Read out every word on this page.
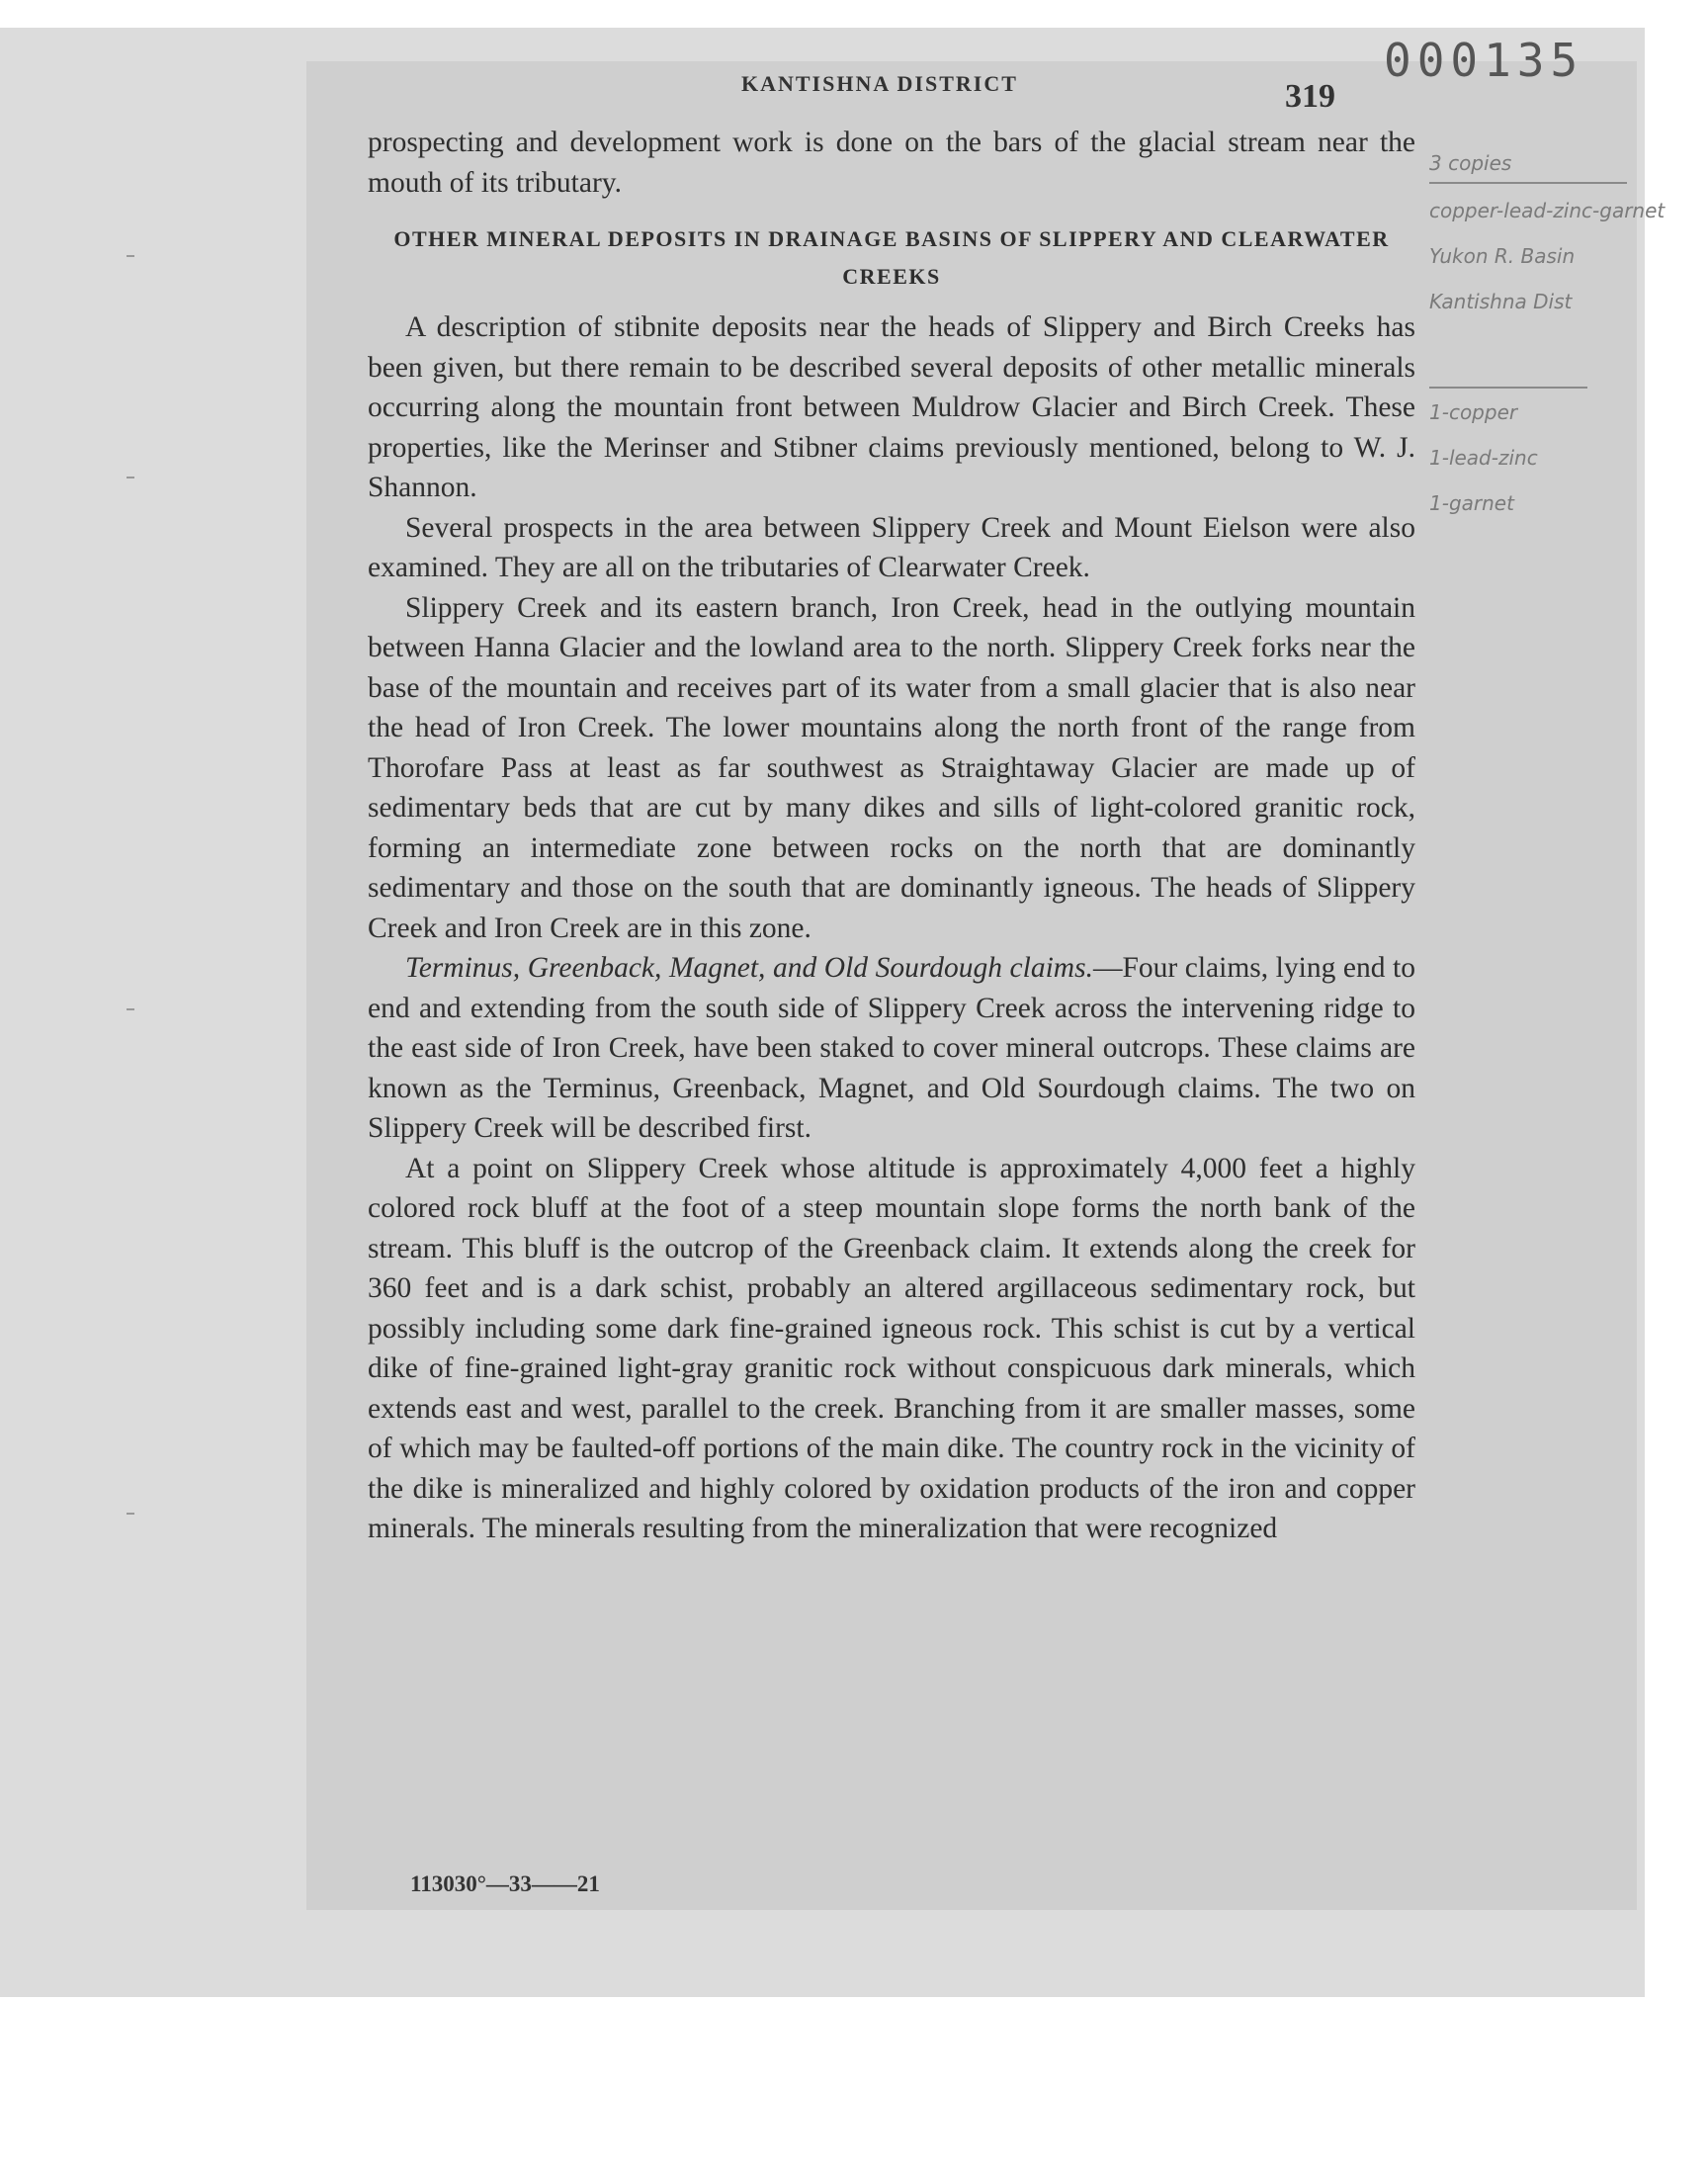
000135
KANTISHNA DISTRICT	319

prospecting and development work is done on the bars of the glacial stream near the mouth of its tributary.

OTHER MINERAL DEPOSITS IN DRAINAGE BASINS OF SLIPPERY AND CLEARWATER CREEKS

A description of stibnite deposits near the heads of Slippery and Birch Creeks has been given, but there remain to be described several deposits of other metallic minerals occurring along the mountain front between Muldrow Glacier and Birch Creek. These properties, like the Merinser and Stibner claims previously mentioned, belong to W. J. Shannon.

Several prospects in the area between Slippery Creek and Mount Eielson were also examined. They are all on the tributaries of Clearwater Creek.

Slippery Creek and its eastern branch, Iron Creek, head in the outlying mountain between Hanna Glacier and the lowland area to the north. Slippery Creek forks near the base of the mountain and receives part of its water from a small glacier that is also near the head of Iron Creek. The lower mountains along the north front of the range from Thorofare Pass at least as far southwest as Straightaway Glacier are made up of sedimentary beds that are cut by many dikes and sills of light-colored granitic rock, forming an intermediate zone between rocks on the north that are dominantly sedimentary and those on the south that are dominantly igneous. The heads of Slippery Creek and Iron Creek are in this zone.

Terminus, Greenback, Magnet, and Old Sourdough claims.—Four claims, lying end to end and extending from the south side of Slippery Creek across the intervening ridge to the east side of Iron Creek, have been staked to cover mineral outcrops. These claims are known as the Terminus, Greenback, Magnet, and Old Sourdough claims. The two on Slippery Creek will be described first.

At a point on Slippery Creek whose altitude is approximately 4,000 feet a highly colored rock bluff at the foot of a steep mountain slope forms the north bank of the stream. This bluff is the outcrop of the Greenback claim. It extends along the creek for 360 feet and is a dark schist, probably an altered argillaceous sedimentary rock, but possibly including some dark fine-grained igneous rock. This schist is cut by a vertical dike of fine-grained light-gray granitic rock without conspicuous dark minerals, which extends east and west, parallel to the creek. Branching from it are smaller masses, some of which may be faulted-off portions of the main dike. The country rock in the vicinity of the dike is mineralized and highly colored by oxidation products of the iron and copper minerals. The minerals resulting from the mineralization that were recognized

113030°—33——21
3 copies
copper-lead-zinc-garnet
Yukon R. Basin
Kantishna Dist
1-copper
1-lead-zinc
1-garnet
